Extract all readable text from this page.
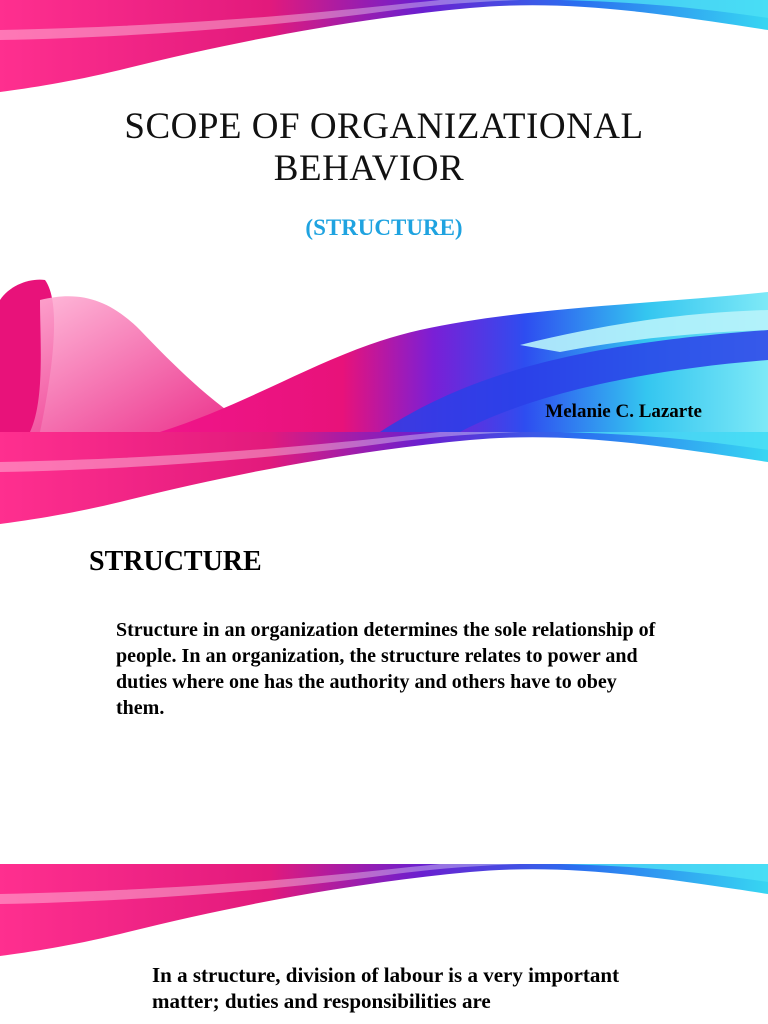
SCOPE OF ORGANIZATIONAL
BEHAVIOR
(STRUCTURE)
Melanie C. Lazarte
STRUCTURE
Structure in an organization determines the sole relationship of people. In an organization, the structure relates to power and duties where one has the authority and others have to obey them.
In a structure, division of labour is a very important matter; duties and responsibilities are
